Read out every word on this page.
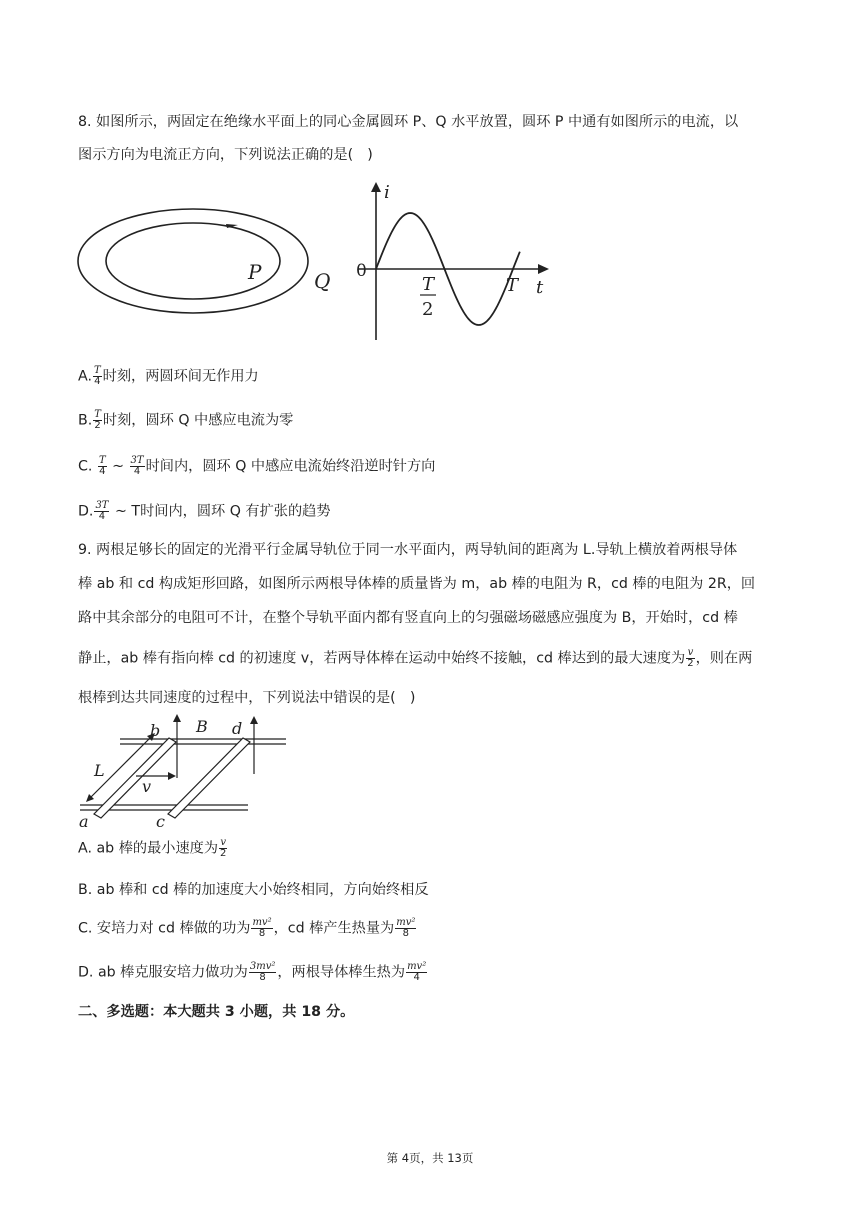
8. 如图所示，两固定在绝缘水平面上的同心金属圆环 P、Q 水平放置，圆环 P 中通有如图所示的电流，以
图示方向为电流正方向，下列说法正确的是(　)
P	Q
i
t
0
T
2
T
A. $\frac{T}{4}$ 时刻，两圆环间无作用力
B. $\frac{T}{2}$ 时刻，圆环 Q 中感应电流为零
C. $\frac{T}{4}$ ~ $\frac{3T}{4}$ 时间内，圆环 Q 中感应电流始终沿逆时针方向
D. $\frac{3T}{4}$ ~ T时间内，圆环 Q 有扩张的趋势
9. 两根足够长的固定的光滑平行金属导轨位于同一水平面内，两导轨间的距离为 L.导轨上横放着两根导体
棒 ab 和 cd 构成矩形回路，如图所示两根导体棒的质量皆为 m，ab 棒的电阻为 R，cd 棒的电阻为 2R，回
路中其余部分的电阻可不计，在整个导轨平面内都有竖直向上的匀强磁场磁感应强度为 B，开始时，cd 棒
静止，ab 棒有指向棒 cd 的初速度 v，若两导体棒在运动中始终不接触，cd 棒达到的最大速度为 $\frac{v}{2}$ ，则在两
根棒到达共同速度的过程中，下列说法中错误的是(　)
a
b
c
d
B
L
v
A. ab 棒的最小速度为 $\frac{v}{2}$
B. ab 棒和 cd 棒的加速度大小始终相同，方向始终相反
C. 安培力对 cd 棒做的功为 $\frac{\text{mv²}}{8}$ ，cd 棒产生热量为 $\frac{\text{mv²}}{8}$
D. ab 棒克服安培力做功为 $\frac{\text{3mv²}}{8}$ ，两根导体棒生热为 $\frac{\text{mv²}}{4}$
二、多选题：本大题共 3 小题，共 18 分。
第 4页，共 13页
